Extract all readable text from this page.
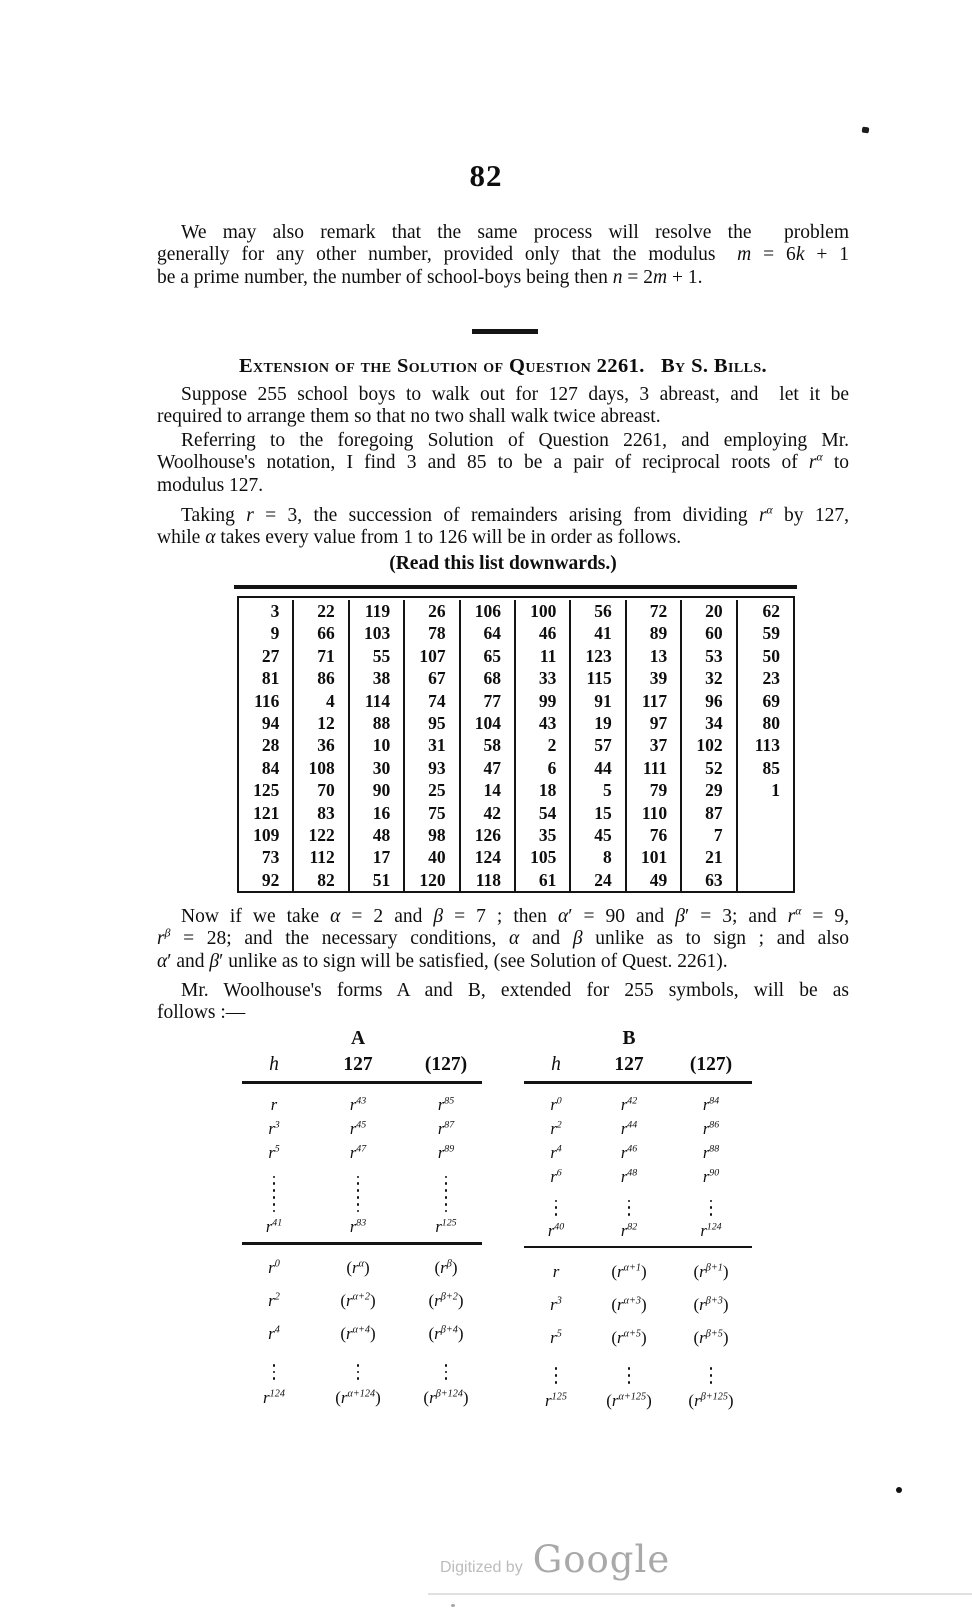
82
We may also remark that the same process will resolve the  problem
generally for any other number, provided only that the modulus  m = 6k + 1
be a prime number, the number of school-boys being then n = 2m + 1.
Extension of the Solution of Question 2261.  By S. Bills.
Suppose 255 school boys to walk out for 127 days, 3 abreast, and  let it be
required to arrange them so that no two shall walk twice abreast.
Referring to the foregoing Solution of Question 2261, and employing Mr.
Woolhouse's notation, I find 3 and 85 to be a pair of reciprocal roots of $r^\alpha$ to
modulus 127.
Taking r = 3, the succession of remainders arising from dividing $r^\alpha$ by 127,
while α takes every value from 1 to 126 will be in order as follows.
(Read this list downwards.)
3	22	119	26	106	100	56	72	20	62
9	66	103	78	64	46	41	89	60	59
27	71	55	107	65	11	123	13	53	50
81	86	38	67	68	33	115	39	32	23
116	4	114	74	77	99	91	117	96	69
94	12	88	95	104	43	19	97	34	80
28	36	10	31	58	2	57	37	102	113
84	108	30	93	47	6	44	111	52	85
125	70	90	25	14	18	5	79	29	1
121	83	16	75	42	54	15	110	87
109	122	48	98	126	35	45	76	7
73	112	17	40	124	105	8	101	21
92	82	51	120	118	61	24	49	63
Now if we take α = 2 and β = 7 ; then α′ = 90 and β′ = 3; and $r^\alpha = 9$,
$r^\beta = 28$; and the necessary conditions, α and β unlike as to sign ; and also
α′ and β′ unlike as to sign will be satisfied, (see Solution of Quest. 2261).
Mr. Woolhouse's forms A and B, extended for 255 symbols, will be as
follows :—
A
h	127	(127)
r	$r^{43}$	$r^{85}$
$r^3$	$r^{45}$	$r^{87}$
$r^5$	$r^{47}$	$r^{89}$
$r^{41}$	$r^{83}$	$r^{125}$
$r^0$	$(r^\alpha)$	$(r^\beta)$
$r^2$	$(r^{\alpha+2})$	$(r^{\beta+2})$
$r^4$	$(r^{\alpha+4})$	$(r^{\beta+4})$
$r^{124}$	$(r^{\alpha+124})$	$(r^{\beta+124})$
B
h	127	(127)
$r^0$	$r^{42}$	$r^{84}$
$r^2$	$r^{44}$	$r^{86}$
$r^4$	$r^{46}$	$r^{88}$
$r^6$	$r^{48}$	$r^{90}$
$r^{40}$	$r^{82}$	$r^{124}$
r	$(r^{\alpha+1})$	$(r^{\beta+1})$
$r^3$	$(r^{\alpha+3})$	$(r^{\beta+3})$
$r^5$	$(r^{\alpha+5})$	$(r^{\beta+5})$
$r^{125}$	$(r^{\alpha+125})$	$(r^{\beta+125})$
Digitized by Google
